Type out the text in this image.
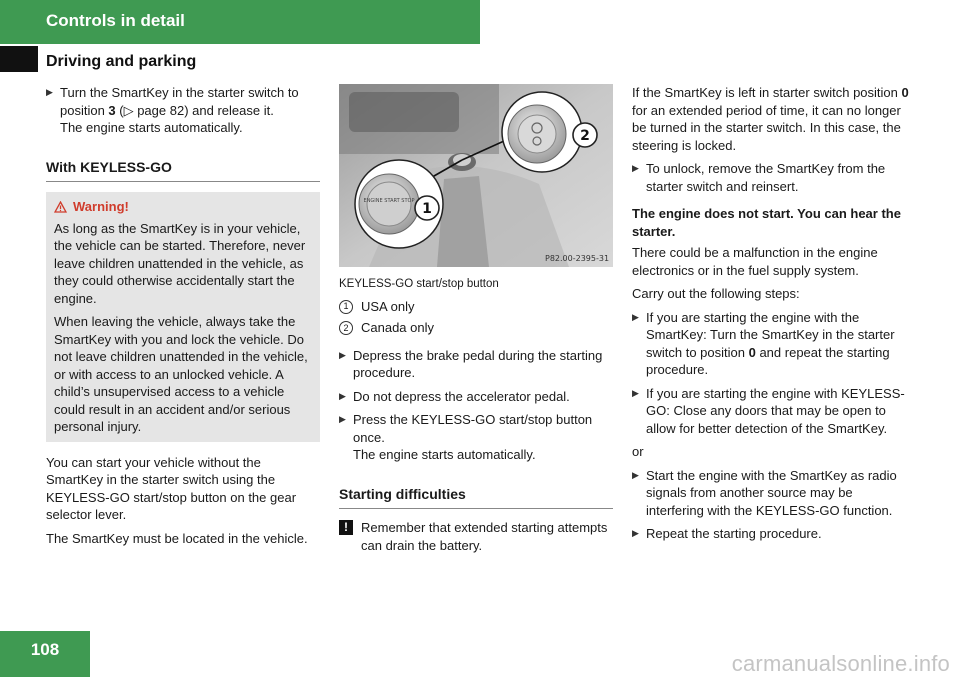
Controls in detail
Driving and parking
▶ Turn the SmartKey in the starter switch to position 3 (▷ page 82) and release it.
The engine starts automatically.
With KEYLESS-GO
Warning!

As long as the SmartKey is in your vehicle, the vehicle can be started. Therefore, never leave children unattended in the vehicle, as they could otherwise accidentally start the engine.

When leaving the vehicle, always take the SmartKey with you and lock the vehicle. Do not leave children unattended in the vehicle, or with access to an unlocked vehicle. A child’s unsupervised access to a vehicle could result in an accident and/or serious personal injury.

You can start your vehicle without the SmartKey in the starter switch using the KEYLESS-GO start/stop button on the gear selector lever.

The SmartKey must be located in the vehicle.

ENGINE START STOP 1
2
P82.00-2395-31

KEYLESS-GO start/stop button

1 USA only
2 Canada only
▶ Depress the brake pedal during the starting procedure.
▶ Do not depress the accelerator pedal.
▶ Press the KEYLESS-GO start/stop button once.
The engine starts automatically.
Starting difficulties
!	Remember that extended starting attempts can drain the battery.

If the SmartKey is left in starter switch position 0 for an extended period of time, it can no longer be turned in the starter switch. In this case, the steering is locked.

▶ To unlock, remove the SmartKey from the starter switch and reinsert.

The engine does not start. You can hear the starter.

There could be a malfunction in the engine electronics or in the fuel supply system.

Carry out the following steps:

▶ If you are starting the engine with the SmartKey: Turn the SmartKey in the starter switch to position 0 and repeat the starting procedure.
▶ If you are starting the engine with KEYLESS-GO: Close any doors that may be open to allow for better detection of the SmartKey.

or

▶ Start the engine with the SmartKey as radio signals from another source may be interfering with the KEYLESS-GO function.
▶ Repeat the starting procedure.
108
carmanualsonline.info
